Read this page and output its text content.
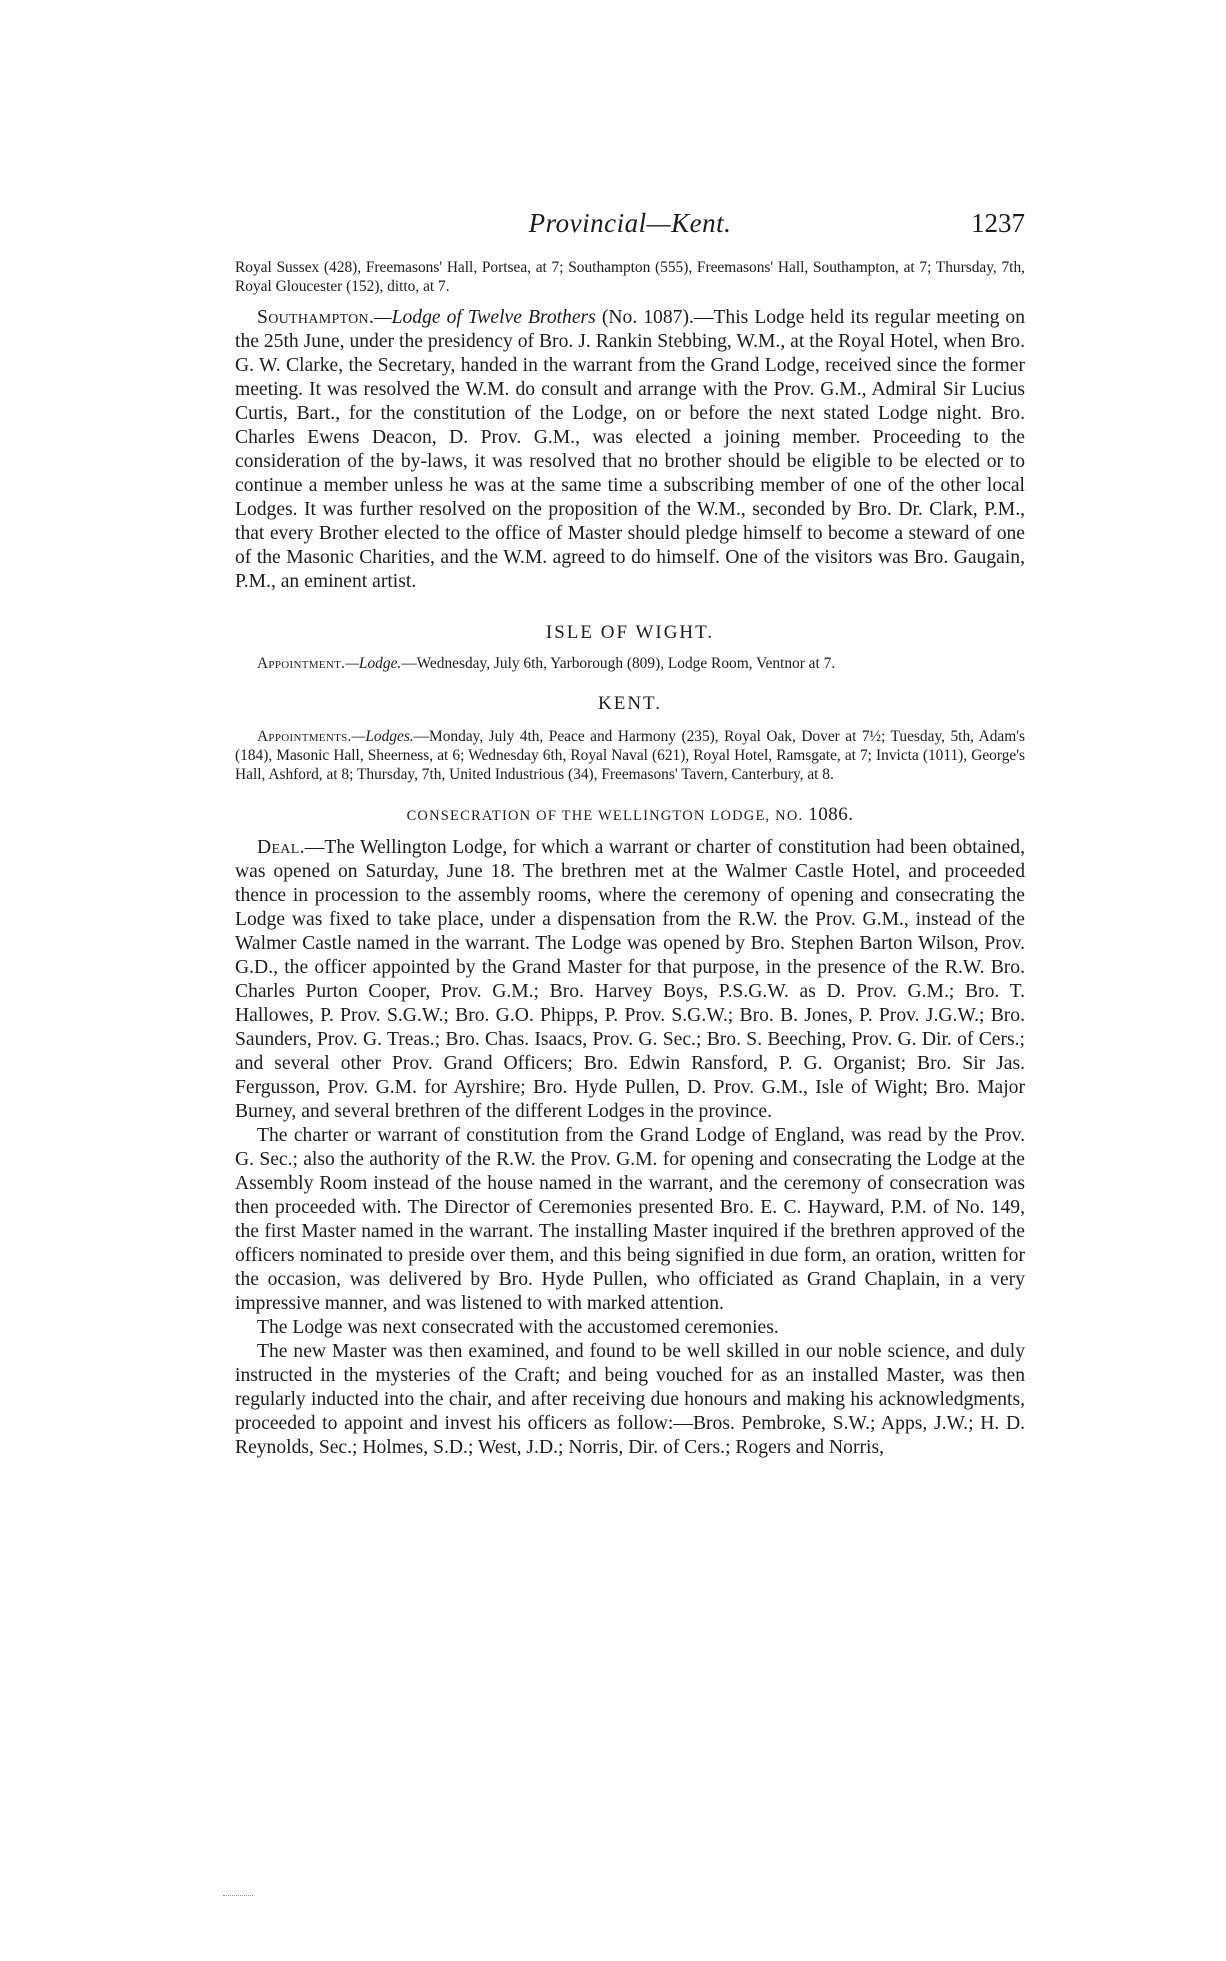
Provincial—Kent.	1237

Royal Sussex (428), Freemasons' Hall, Portsea, at 7; Southampton (555), Freemasons' Hall, Southampton, at 7; Thursday, 7th, Royal Gloucester (152), ditto, at 7.

Southampton.—Lodge of Twelve Brothers (No. 1087).—This Lodge held its regular meeting on the 25th June, under the presidency of Bro. J. Rankin Stebbing, W.M., at the Royal Hotel, when Bro. G. W. Clarke, the Secretary, handed in the warrant from the Grand Lodge, received since the former meeting. It was resolved the W.M. do consult and arrange with the Prov. G.M., Admiral Sir Lucius Curtis, Bart., for the constitution of the Lodge, on or before the next stated Lodge night. Bro. Charles Ewens Deacon, D. Prov. G.M., was elected a joining member. Proceeding to the consideration of the by-laws, it was resolved that no brother should be eligible to be elected or to continue a member unless he was at the same time a subscribing member of one of the other local Lodges. It was further resolved on the proposition of the W.M., seconded by Bro. Dr. Clark, P.M., that every Brother elected to the office of Master should pledge himself to become a steward of one of the Masonic Charities, and the W.M. agreed to do himself. One of the visitors was Bro. Gaugain, P.M., an eminent artist.

ISLE OF WIGHT.

Appointment.—Lodge.—Wednesday, July 6th, Yarborough (809), Lodge Room, Ventnor at 7.

KENT.

Appointments.—Lodges.—Monday, July 4th, Peace and Harmony (235), Royal Oak, Dover at 7½; Tuesday, 5th, Adam's (184), Masonic Hall, Sheerness, at 6; Wednesday 6th, Royal Naval (621), Royal Hotel, Ramsgate, at 7; Invicta (1011), George's Hall, Ashford, at 8; Thursday, 7th, United Industrious (34), Freemasons' Tavern, Canterbury, at 8.

CONSECRATION OF THE WELLINGTON LODGE, NO. 1086.

Deal.—The Wellington Lodge, for which a warrant or charter of constitution had been obtained, was opened on Saturday, June 18. The brethren met at the Walmer Castle Hotel, and proceeded thence in procession to the assembly rooms, where the ceremony of opening and consecrating the Lodge was fixed to take place, under a dispensation from the R.W. the Prov. G.M., instead of the Walmer Castle named in the warrant. The Lodge was opened by Bro. Stephen Barton Wilson, Prov. G.D., the officer appointed by the Grand Master for that purpose, in the presence of the R.W. Bro. Charles Purton Cooper, Prov. G.M.; Bro. Harvey Boys, P.S.G.W. as D. Prov. G.M.; Bro. T. Hallowes, P. Prov. S.G.W.; Bro. G.O. Phipps, P. Prov. S.G.W.; Bro. B. Jones, P. Prov. J.G.W.; Bro. Saunders, Prov. G. Treas.; Bro. Chas. Isaacs, Prov. G. Sec.; Bro. S. Beeching, Prov. G. Dir. of Cers.; and several other Prov. Grand Officers; Bro. Edwin Ransford, P. G. Organist; Bro. Sir Jas. Fergusson, Prov. G.M. for Ayrshire; Bro. Hyde Pullen, D. Prov. G.M., Isle of Wight; Bro. Major Burney, and several brethren of the different Lodges in the province.

The charter or warrant of constitution from the Grand Lodge of England, was read by the Prov. G. Sec.; also the authority of the R.W. the Prov. G.M. for opening and consecrating the Lodge at the Assembly Room instead of the house named in the warrant, and the ceremony of consecration was then proceeded with. The Director of Ceremonies presented Bro. E. C. Hayward, P.M. of No. 149, the first Master named in the warrant. The installing Master inquired if the brethren approved of the officers nominated to preside over them, and this being signified in due form, an oration, written for the occasion, was delivered by Bro. Hyde Pullen, who officiated as Grand Chaplain, in a very impressive manner, and was listened to with marked attention.

The Lodge was next consecrated with the accustomed ceremonies.

The new Master was then examined, and found to be well skilled in our noble science, and duly instructed in the mysteries of the Craft; and being vouched for as an installed Master, was then regularly inducted into the chair, and after receiving due honours and making his acknowledgments, proceeded to appoint and invest his officers as follow:—Bros. Pembroke, S.W.; Apps, J.W.; H. D. Reynolds, Sec.; Holmes, S.D.; West, J.D.; Norris, Dir. of Cers.; Rogers and Norris,
